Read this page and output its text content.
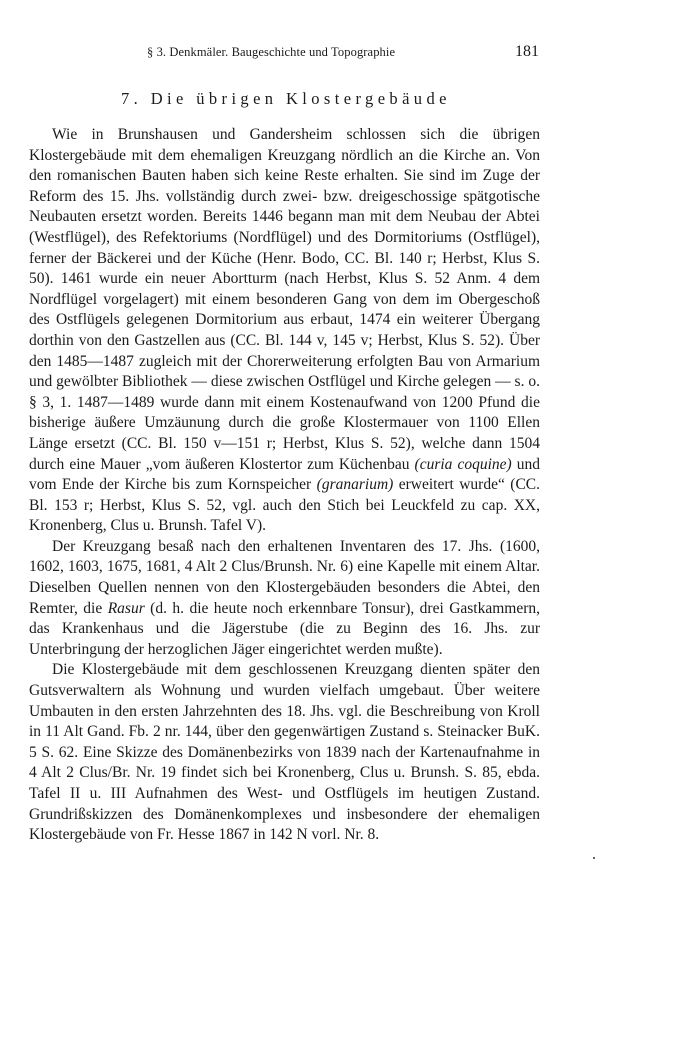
§ 3. Denkmäler. Baugeschichte und Topographie	181
7. Die übrigen Klostergebäude

Wie in Brunshausen und Gandersheim schlossen sich die übrigen Klostergebäude mit dem ehemaligen Kreuzgang nördlich an die Kirche an. Von den romanischen Bauten haben sich keine Reste erhalten. Sie sind im Zuge der Reform des 15. Jhs. vollständig durch zwei- bzw. dreigeschossige spätgotische Neubauten ersetzt worden. Bereits 1446 begann man mit dem Neubau der Abtei (Westflügel), des Refektoriums (Nordflügel) und des Dormitoriums (Ostflügel), ferner der Bäckerei und der Küche (Henr. Bodo, CC. Bl. 140 r; Herbst, Klus S. 50). 1461 wurde ein neuer Abortturm (nach Herbst, Klus S. 52 Anm. 4 dem Nordflügel vorgelagert) mit einem besonderen Gang von dem im Obergeschoß des Ostflügels gelegenen Dormitorium aus erbaut, 1474 ein weiterer Übergang dorthin von den Gastzellen aus (CC. Bl. 144 v, 145 v; Herbst, Klus S. 52). Über den 1485—1487 zugleich mit der Chorerweiterung erfolgten Bau von Armarium und gewölbter Bibliothek — diese zwischen Ostflügel und Kirche gelegen — s. o. § 3, 1. 1487—1489 wurde dann mit einem Kostenaufwand von 1200 Pfund die bisherige äußere Umzäunung durch die große Klostermauer von 1100 Ellen Länge ersetzt (CC. Bl. 150 v—151 r; Herbst, Klus S. 52), welche dann 1504 durch eine Mauer „vom äußeren Klostertor zum Küchenbau (curia coquine) und vom Ende der Kirche bis zum Kornspeicher (granarium) erweitert wurde“ (CC. Bl. 153 r; Herbst, Klus S. 52, vgl. auch den Stich bei Leuckfeld zu cap. XX, Kronenberg, Clus u. Brunsh. Tafel V).

Der Kreuzgang besaß nach den erhaltenen Inventaren des 17. Jhs. (1600, 1602, 1603, 1675, 1681, 4 Alt 2 Clus/Brunsh. Nr. 6) eine Kapelle mit einem Altar. Dieselben Quellen nennen von den Klostergebäuden besonders die Abtei, den Remter, die Rasur (d. h. die heute noch erkennbare Tonsur), drei Gastkammern, das Krankenhaus und die Jägerstube (die zu Beginn des 16. Jhs. zur Unterbringung der herzoglichen Jäger eingerichtet werden mußte).

Die Klostergebäude mit dem geschlossenen Kreuzgang dienten später den Gutsverwaltern als Wohnung und wurden vielfach umgebaut. Über weitere Umbauten in den ersten Jahrzehnten des 18. Jhs. vgl. die Beschreibung von Kroll in 11 Alt Gand. Fb. 2 nr. 144, über den gegenwärtigen Zustand s. Steinacker BuK. 5 S. 62. Eine Skizze des Domänenbezirks von 1839 nach der Kartenaufnahme in 4 Alt 2 Clus/Br. Nr. 19 findet sich bei Kronenberg, Clus u. Brunsh. S. 85, ebda. Tafel II u. III Aufnahmen des West- und Ostflügels im heutigen Zustand. Grundrißskizzen des Domänenkomplexes und insbesondere der ehemaligen Klostergebäude von Fr. Hesse 1867 in 142 N vorl. Nr. 8.
